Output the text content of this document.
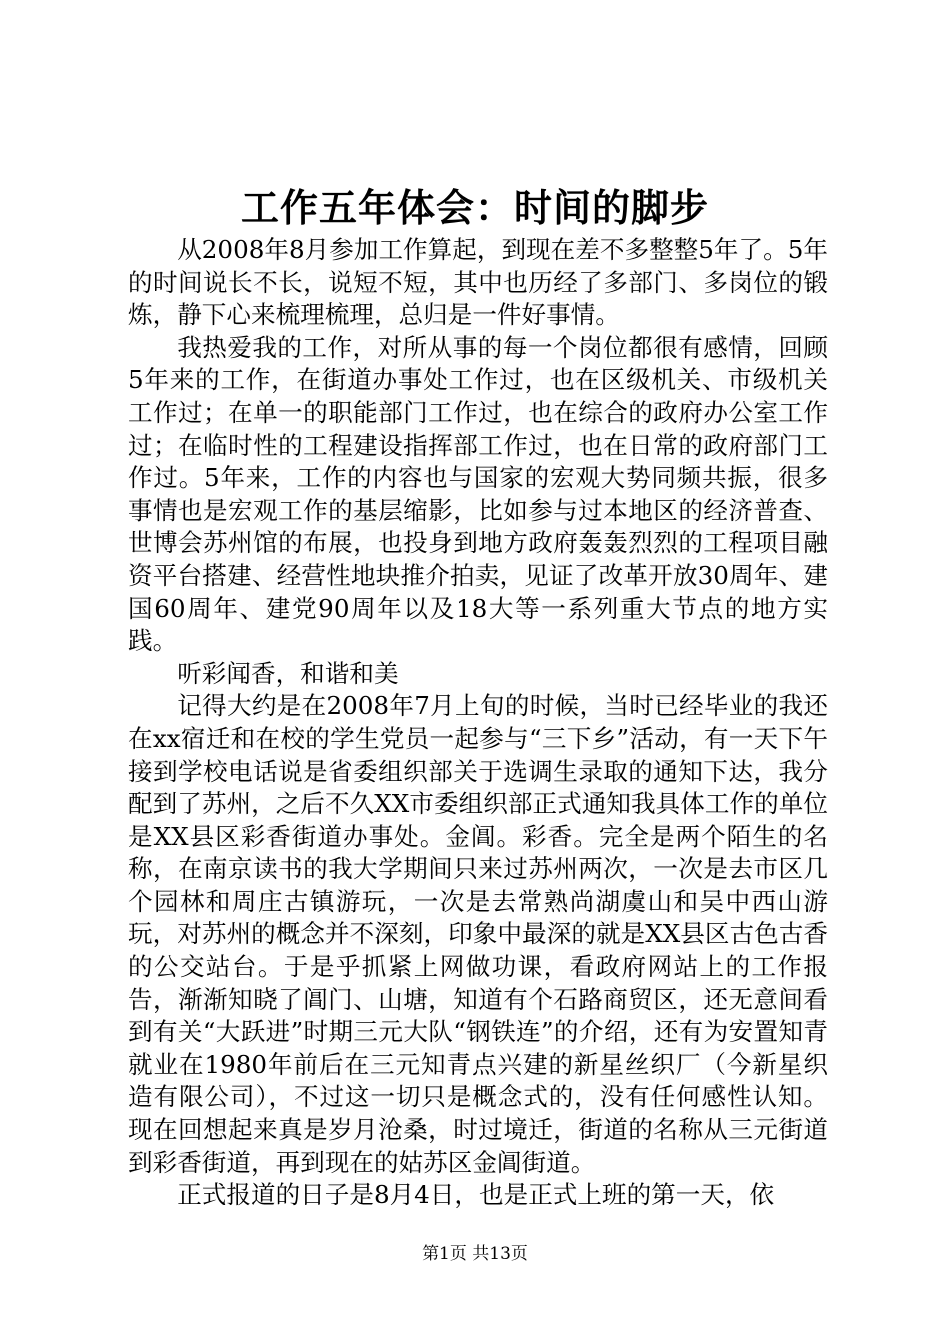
工作五年体会：时间的脚步

从2008年8月参加工作算起，到现在差不多整整5年了。5年的时间说长不长，说短不短，其中也历经了多部门、多岗位的锻炼，静下心来梳理梳理，总归是一件好事情。

我热爱我的工作，对所从事的每一个岗位都很有感情，回顾5年来的工作，在街道办事处工作过，也在区级机关、市级机关工作过；在单一的职能部门工作过，也在综合的政府办公室工作过；在临时性的工程建设指挥部工作过，也在日常的政府部门工作过。5年来，工作的内容也与国家的宏观大势同频共振，很多事情也是宏观工作的基层缩影，比如参与过本地区的经济普查、世博会苏州馆的布展，也投身到地方政府轰轰烈烈的工程项目融资平台搭建、经营性地块推介拍卖，见证了改革开放30周年、建国60周年、建党90周年以及18大等一系列重大节点的地方实践。

听彩闻香，和谐和美

记得大约是在2008年7月上旬的时候，当时已经毕业的我还在xx宿迁和在校的学生党员一起参与“三下乡”活动，有一天下午接到学校电话说是省委组织部关于选调生录取的通知下达，我分配到了苏州，之后不久XX市委组织部正式通知我具体工作的单位是XX县区彩香街道办事处。金阊。彩香。完全是两个陌生的名称，在南京读书的我大学期间只来过苏州两次，一次是去市区几个园林和周庄古镇游玩，一次是去常熟尚湖虞山和吴中西山游玩，对苏州的概念并不深刻，印象中最深的就是XX县区古色古香的公交站台。于是乎抓紧上网做功课，看政府网站上的工作报告，渐渐知晓了阊门、山塘，知道有个石路商贸区，还无意间看到有关“大跃进”时期三元大队“钢铁连”的介绍，还有为安置知青就业在1980年前后在三元知青点兴建的新星丝织厂（今新星织造有限公司），不过这一切只是概念式的，没有任何感性认知。现在回想起来真是岁月沧桑，时过境迁，街道的名称从三元街道到彩香街道，再到现在的姑苏区金阊街道。

正式报道的日子是8月4日，也是正式上班的第一天，依

第1页 共13页
